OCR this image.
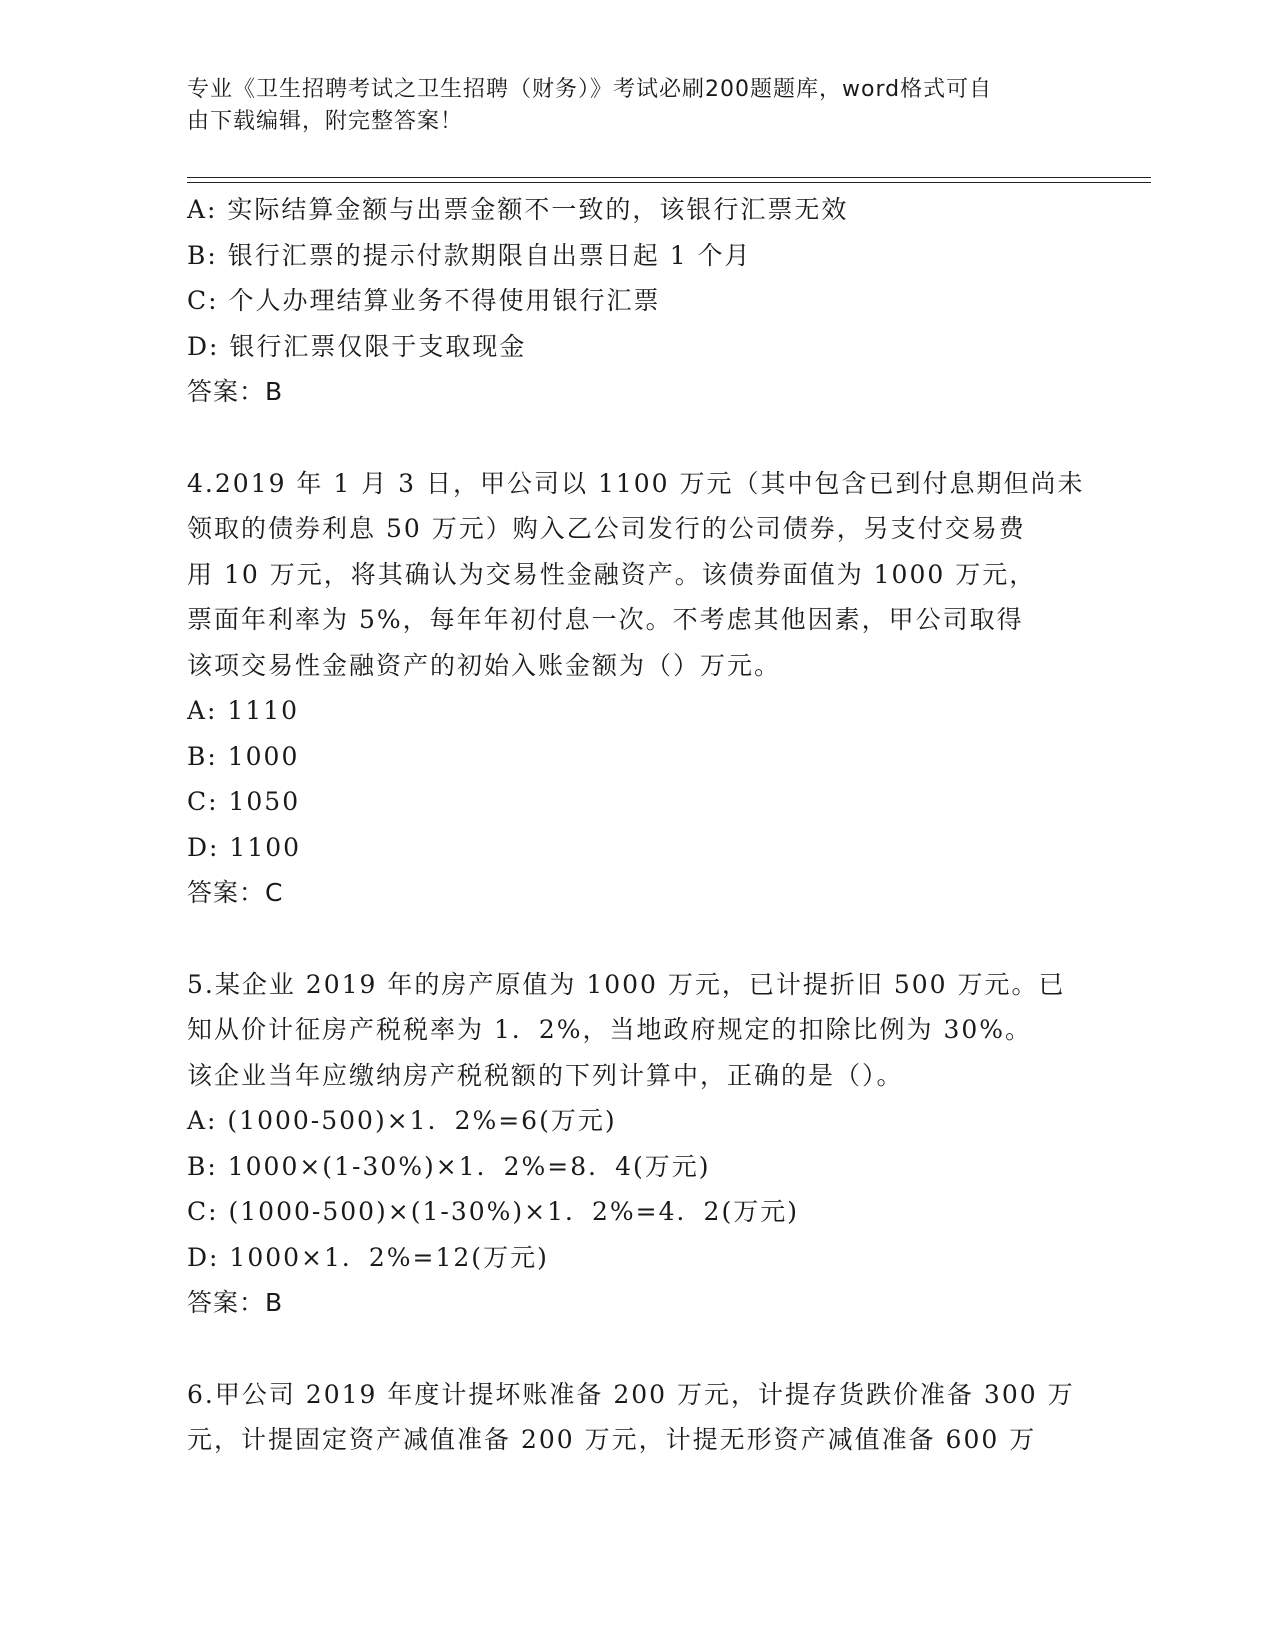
专业《卫生招聘考试之卫生招聘（财务）》考试必刷200题题库，word格式可自
由下载编辑，附完整答案！
A: 实际结算金额与出票金额不一致的，该银行汇票无效
B: 银行汇票的提示付款期限自出票日起 1 个月
C: 个人办理结算业务不得使用银行汇票
D: 银行汇票仅限于支取现金
答案：B
4.2019 年 1 月 3 日，甲公司以 1100 万元（其中包含已到付息期但尚未
领取的债券利息 50 万元）购入乙公司发行的公司债券，另支付交易费
用 10 万元，将其确认为交易性金融资产。该债券面值为 1000 万元，
票面年利率为 5%，每年年初付息一次。不考虑其他因素，甲公司取得
该项交易性金融资产的初始入账金额为（）万元。
A: 1110
B: 1000
C: 1050
D: 1100
答案：C
5.某企业 2019 年的房产原值为 1000 万元，已计提折旧 500 万元。已
知从价计征房产税税率为 1．2%，当地政府规定的扣除比例为 30%。
该企业当年应缴纳房产税税额的下列计算中，正确的是（）。
A: (1000-500)×1．2%=6(万元)
B: 1000×(1-30%)×1．2%=8．4(万元)
C: (1000-500)×(1-30%)×1．2%=4．2(万元)
D: 1000×1．2%=12(万元)
答案：B
6.甲公司 2019 年度计提坏账准备 200 万元，计提存货跌价准备 300 万
元，计提固定资产减值准备 200 万元，计提无形资产减值准备 600 万
